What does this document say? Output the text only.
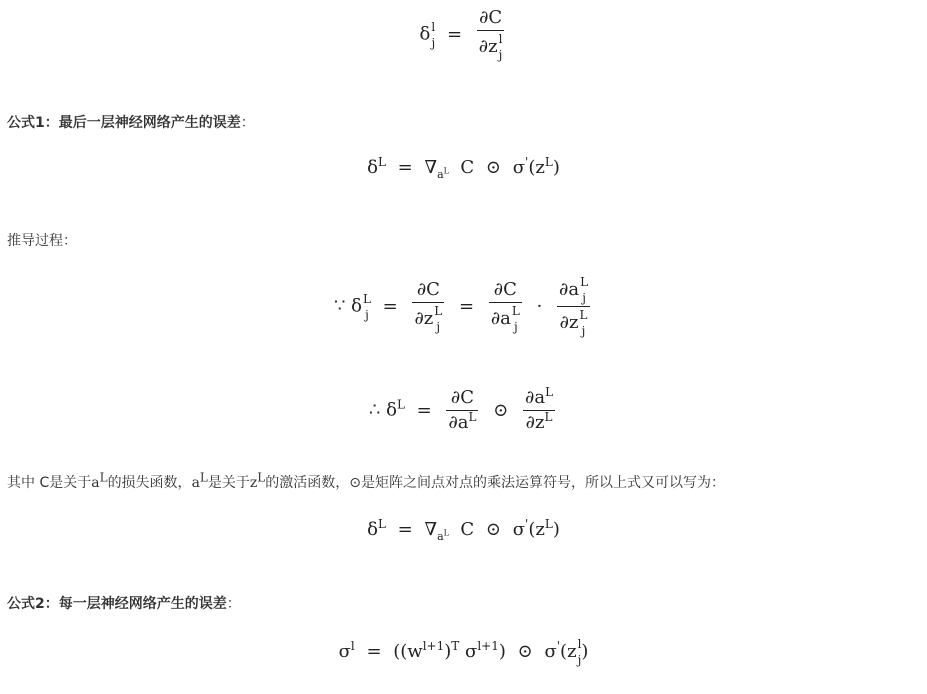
δ l
j = ∂C
∂z l
j
公式1：最后一层神经网络产生的误差：
$\delta^L = \nabla_{a^L}$  C ⊙ $\sigma'(z^L)$
推导过程：
∵ δ L
j = ∂C
∂z L
j = ∂C
∂a L
j · ∂a L
j
∂z L
j
∴ $\delta^L = \frac{\partial C}{\partial a^L}$ ⊙ $\frac{\partial a^L}{\partial z^L}$
其中 C是关于$a^L$的损失函数，$a^L$是关于$z^L$的激活函数，⊙是矩阵之间点对点的乘法运算符号，所以上式又可以写为：
$\delta^L = \nabla_{a^L}$  C ⊙ $\sigma'(z^L)$
公式2：每一层神经网络产生的误差：
$\sigma^l = ((w^{l+1})^T$ $\sigma^{l+1}$) ⊙ σ'(z l
j )
